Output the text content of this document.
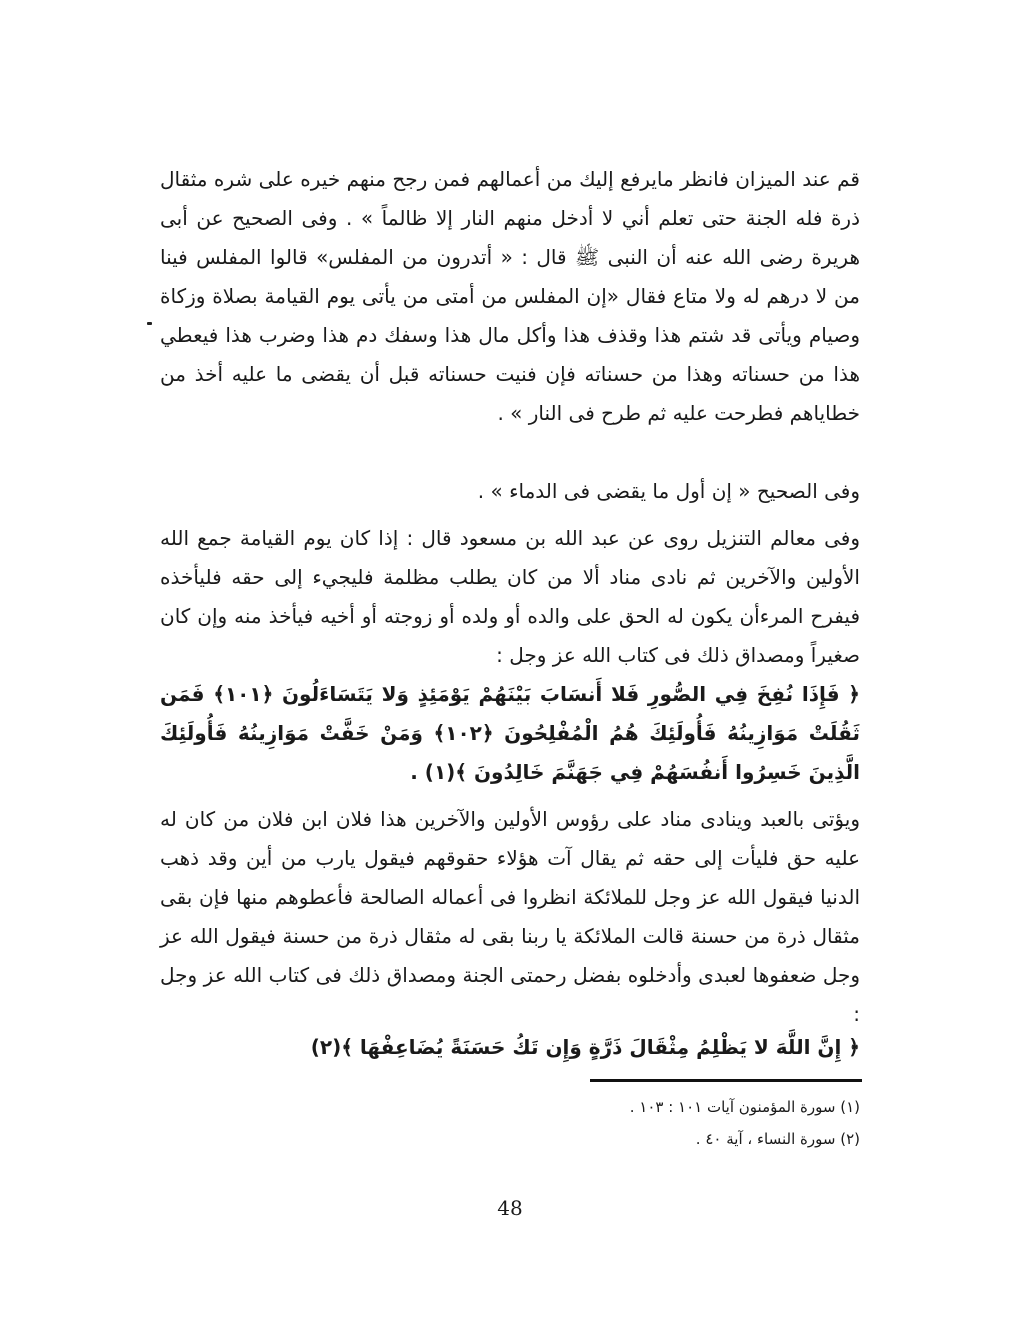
قم عند الميزان فانظر مايرفع إليك من أعمالهم فمن رجح منهم خيره على شره مثقال ذرة فله الجنة حتى تعلم أني لا أدخل منهم النار إلا ظالماً » . وفى الصحيح عن أبى هريرة رضى الله عنه أن النبى ﷺ قال : « أتدرون من المفلس» قالوا المفلس فينا من لا درهم له ولا متاع فقال «إن المفلس من أمتى من يأتى يوم القيامة بصلاة وزكاة وصيام ويأتى قد شتم هذا وقذف هذا وأكل مال هذا وسفك دم هذا وضرب هذا فيعطي هذا من حسناته وهذا من حسناته فإن فنيت حسناته قبل أن يقضى ما عليه أخذ من خطاياهم فطرحت عليه ثم طرح فى النار » .

وفى الصحيح « إن أول ما يقضى فى الدماء » .

وفى معالم التنزيل روى عن عبد الله بن مسعود قال : إذا كان يوم القيامة جمع الله الأولين والآخرين ثم نادى مناد ألا من كان يطلب مظلمة فليجيء إلى حقه فليأخذه فيفرح المرءأن يكون له الحق على والده أو ولده أو زوجته أو أخيه فيأخذ منه وإن كان صغيراً ومصداق ذلك فى كتاب الله عز وجل :

﴿ فَإِذَا نُفِخَ فِي الصُّورِ فَلا أَنسَابَ بَيْنَهُمْ يَوْمَئِذٍ وَلا يَتَسَاءَلُونَ ﴿١٠١﴾ فَمَن ثَقُلَتْ مَوَازِينُهُ فَأُولَئِكَ هُمُ الْمُفْلِحُونَ ﴿١٠٢﴾ وَمَنْ خَفَّتْ مَوَازِينُهُ فَأُولَئِكَ الَّذِينَ خَسِرُوا أَنفُسَهُمْ فِي جَهَنَّمَ خَالِدُونَ ﴾(١) .

ويؤتى بالعبد وينادى مناد على رؤوس الأولين والآخرين هذا فلان ابن فلان من كان له عليه حق فليأت إلى حقه ثم يقال آت هؤلاء حقوقهم فيقول يارب من أين وقد ذهب الدنيا فيقول الله عز وجل للملائكة انظروا فى أعماله الصالحة فأعطوهم منها فإن بقى مثقال ذرة من حسنة قالت الملائكة يا ربنا بقى له مثقال ذرة من حسنة فيقول الله عز وجل ضعفوها لعبدى وأدخلوه بفضل رحمتى الجنة ومصداق ذلك فى كتاب الله عز وجل :

﴿ إِنَّ اللَّهَ لا يَظْلِمُ مِثْقَالَ ذَرَّةٍ وَإِن تَكُ حَسَنَةً يُضَاعِفْهَا ﴾(٢)

(١) سورة المؤمنون آيات ١٠١ : ١٠٣ .

(٢) سورة النساء ، آية ٤٠ .

48
